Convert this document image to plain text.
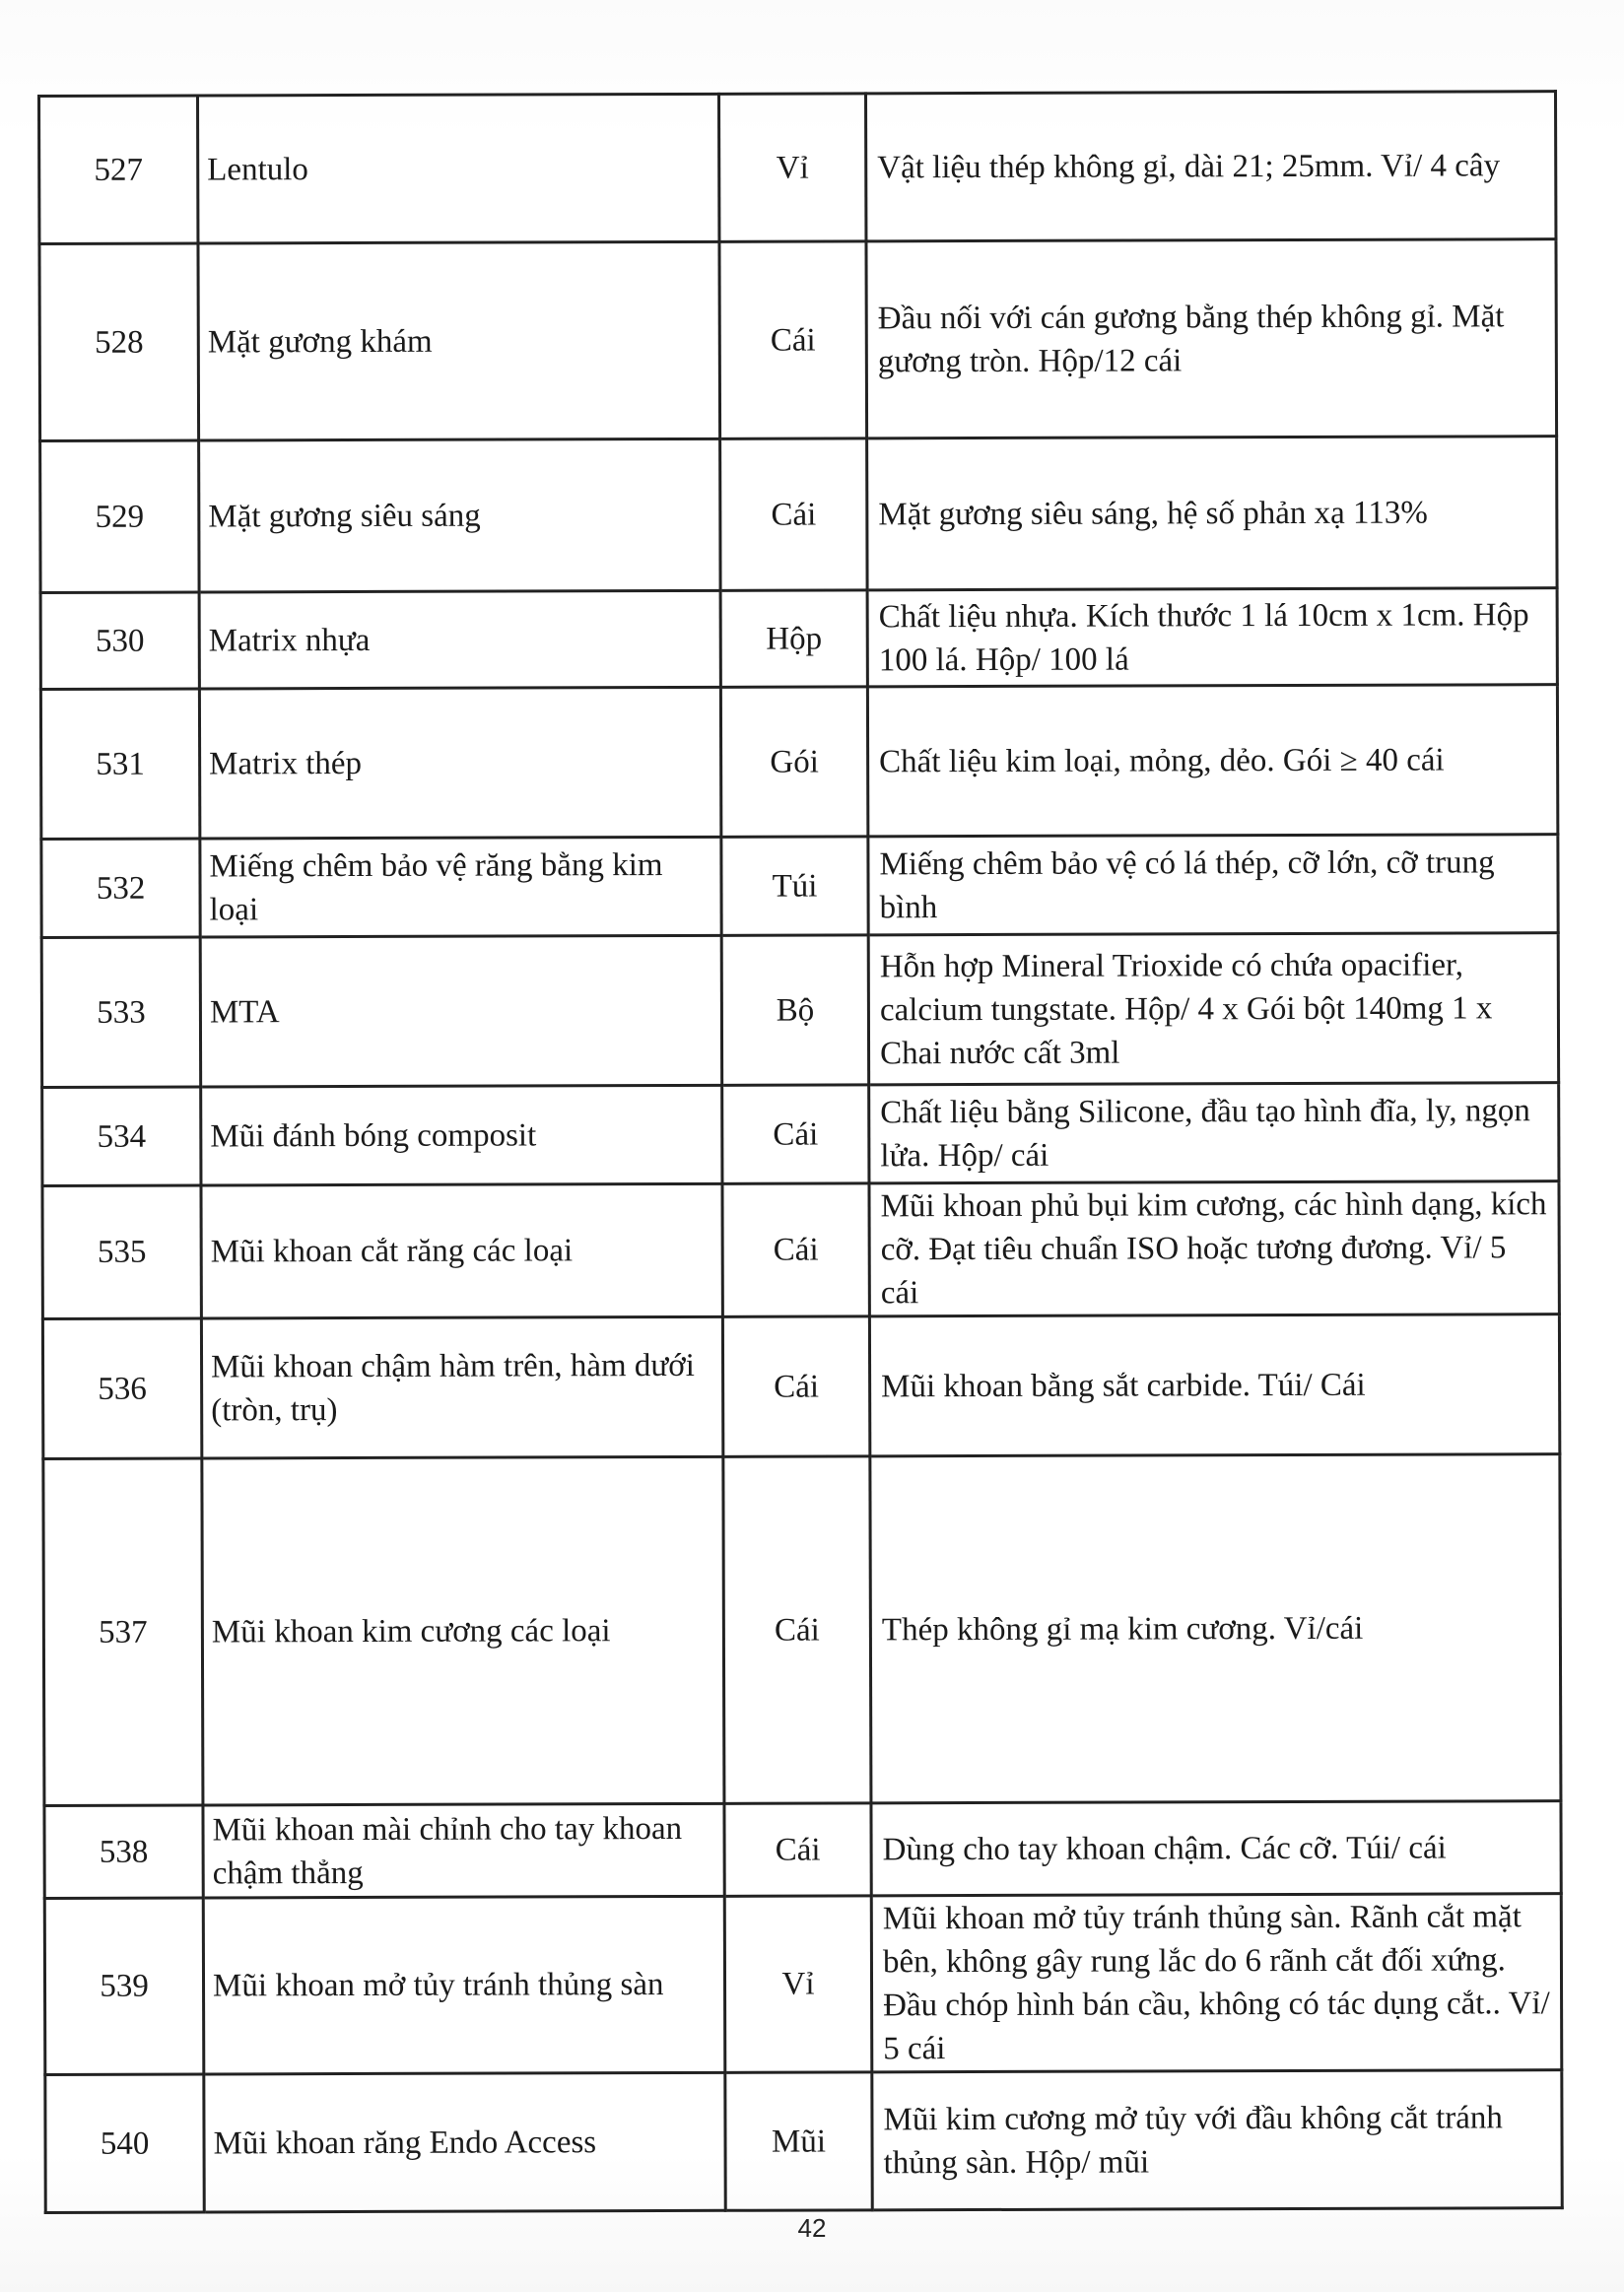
527	Lentulo	Vỉ	Vật liệu thép không gỉ, dài 21; 25mm. Vỉ/ 4 cây
528	Mặt gương khám	Cái	Đầu nối với cán gương bằng thép không gỉ. Mặt gương tròn. Hộp/12 cái
529	Mặt gương siêu sáng	Cái	Mặt gương siêu sáng, hệ số phản xạ 113%
530	Matrix nhựa	Hộp	Chất liệu nhựa. Kích thước 1 lá 10cm x 1cm. Hộp 100 lá. Hộp/ 100 lá
531	Matrix thép	Gói	Chất liệu kim loại, mỏng, dẻo. Gói ≥ 40 cái
532	Miếng chêm bảo vệ răng bằng kim loại	Túi	Miếng chêm bảo vệ có lá thép, cỡ lớn, cỡ trung bình
533	MTA	Bộ	Hỗn hợp Mineral Trioxide có chứa opacifier, calcium tungstate. Hộp/ 4 x Gói bột 140mg 1 x Chai nước cất 3ml
534	Mũi đánh bóng composit	Cái	Chất liệu bằng Silicone, đầu tạo hình đĩa, ly, ngọn lửa. Hộp/ cái
535	Mũi khoan cắt răng các loại	Cái	Mũi khoan phủ bụi kim cương, các hình dạng, kích cỡ. Đạt tiêu chuẩn ISO hoặc tương đương. Vỉ/ 5 cái
536	Mũi khoan chậm hàm trên, hàm dưới (tròn, trụ)	Cái	Mũi khoan bằng sắt carbide. Túi/ Cái
537	Mũi khoan kim cương các loại	Cái	Thép không gỉ mạ kim cương. Vỉ/cái
538	Mũi khoan mài chỉnh cho tay khoan chậm thẳng	Cái	Dùng cho tay khoan chậm. Các cỡ. Túi/ cái
539	Mũi khoan mở tủy tránh thủng sàn	Vỉ	Mũi khoan mở tủy tránh thủng sàn. Rãnh cắt mặt bên, không gây rung lắc do 6 rãnh cắt đối xứng. Đầu chóp hình bán cầu, không có tác dụng cắt.. Vỉ/ 5 cái
540	Mũi khoan răng Endo Access	Mũi	Mũi kim cương mở tủy với đầu không cắt tránh thủng sàn. Hộp/ mũi
42
